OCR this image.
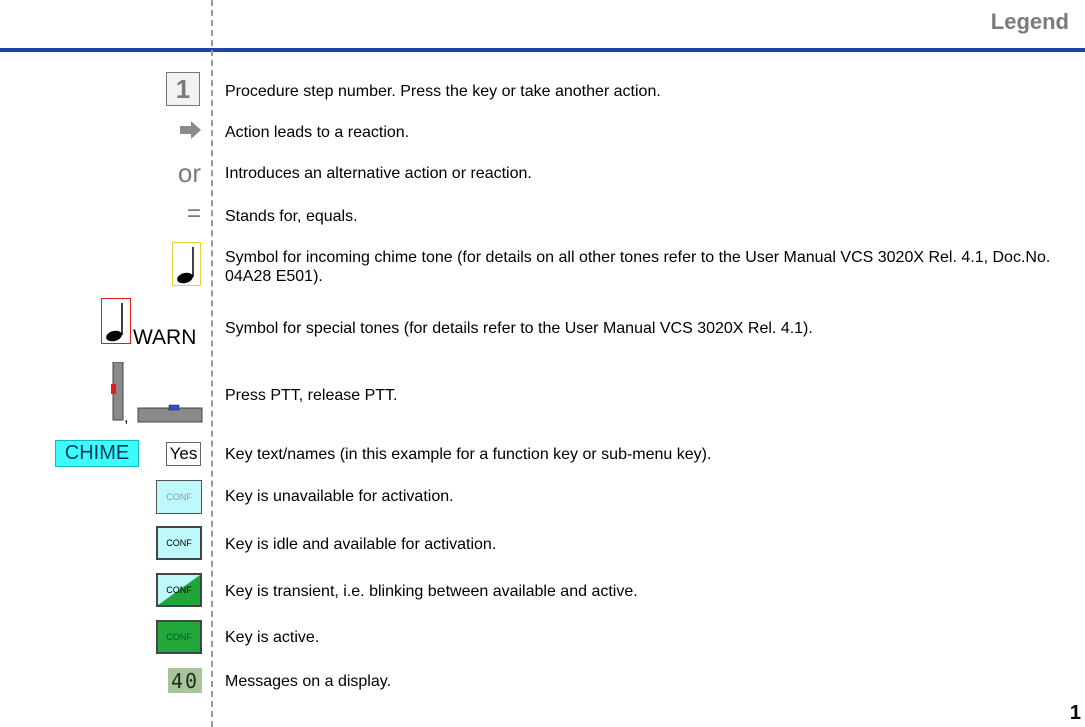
Legend
1	Procedure step number. Press the key or take another action.
Action leads to a reaction.
or Introduces an alternative action or reaction.
= Stands for, equals.
Symbol for incoming chime tone (for details on all other tones refer to the User Manual VCS 3020X Rel. 4.1, Doc.No. 04A28 E501).
WARN Symbol for special tones (for details refer to the User Manual VCS 3020X Rel. 4.1).
,
Press PTT, release PTT.
CHIME	Yes Key text/names (in this example for a function key or sub-menu key).
CONF	Key is unavailable for activation.
CONF	Key is idle and available for activation.
CONF	Key is transient, i.e. blinking between available and active.
CONF	Key is active.
40 Messages on a display.
1
